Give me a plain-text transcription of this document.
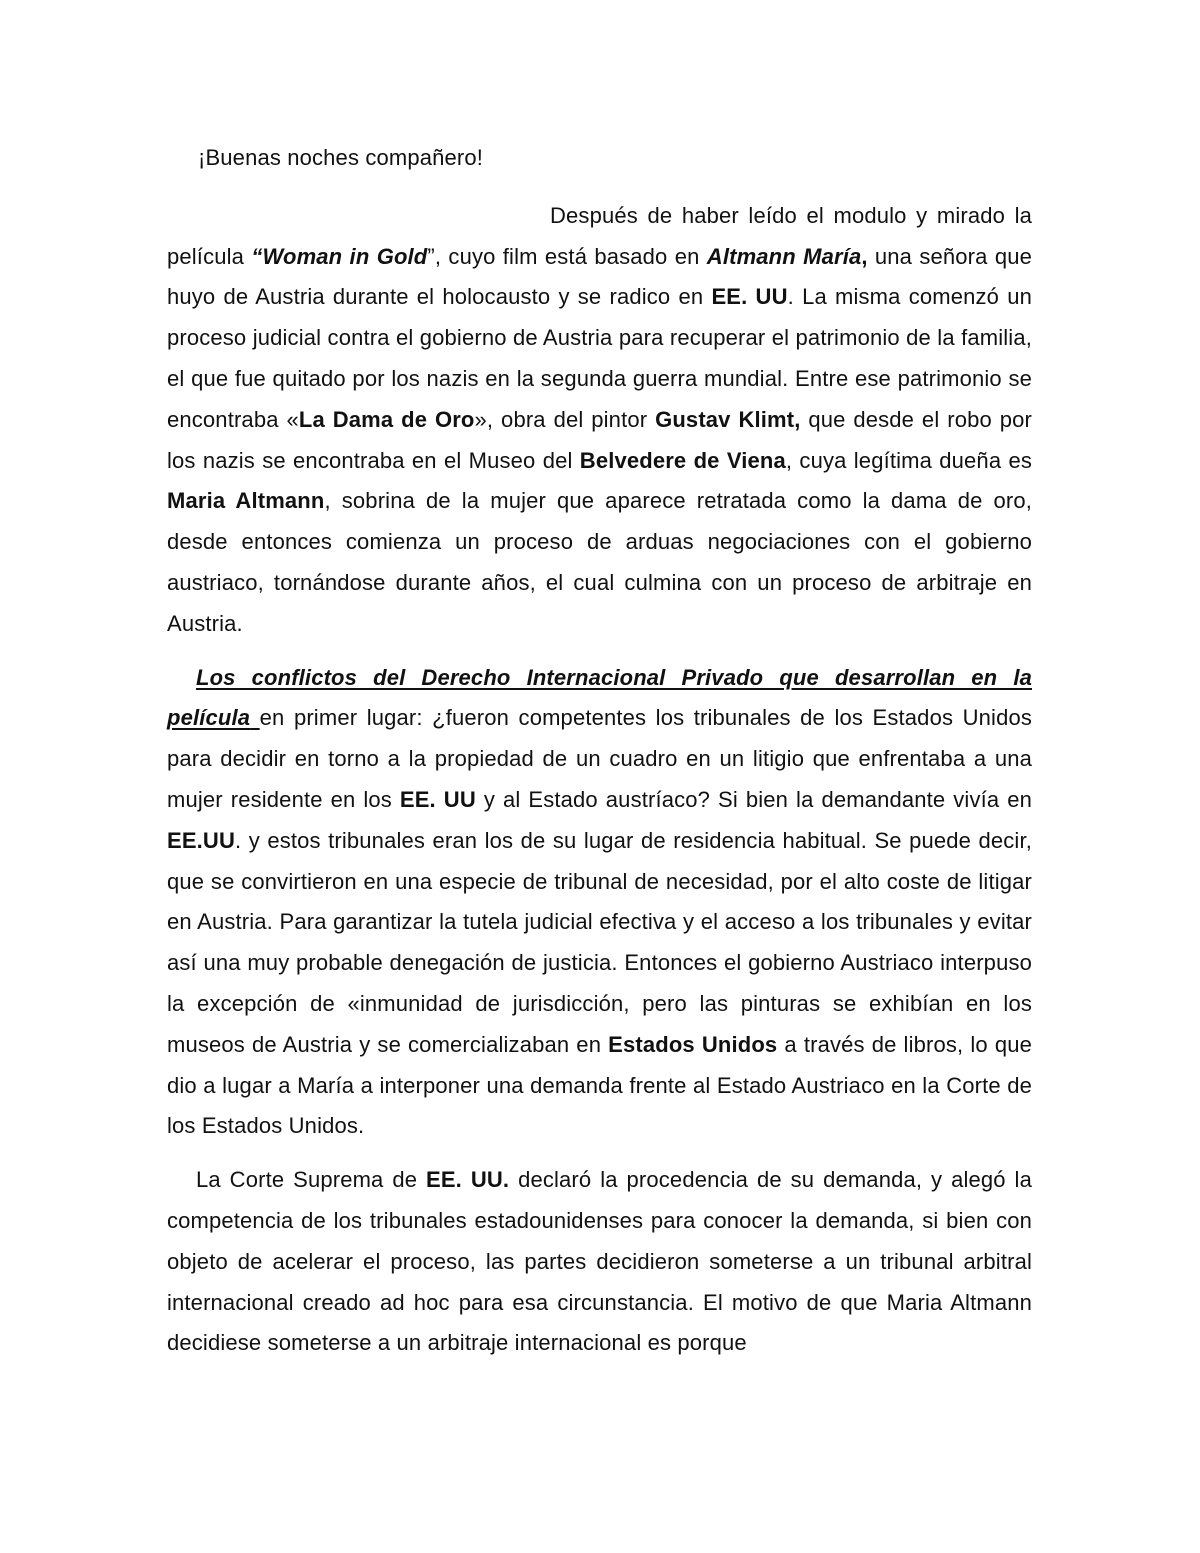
¡Buenas noches compañero!

Después de haber leído el modulo y mirado la película “Woman in Gold”, cuyo film está basado en Altmann María, una señora que huyo de Austria durante el holocausto y se radico en EE. UU. La misma comenzó un proceso judicial contra el gobierno de Austria para recuperar el patrimonio de la familia, el que fue quitado por los nazis en la segunda guerra mundial. Entre ese patrimonio se encontraba «La Dama de Oro», obra del pintor Gustav Klimt, que desde el robo por los nazis se encontraba en el Museo del Belvedere de Viena, cuya legítima dueña es Maria Altmann, sobrina de la mujer que aparece retratada como la dama de oro, desde entonces comienza un proceso de arduas negociaciones con el gobierno austriaco, tornándose durante años, el cual culmina con un proceso de arbitraje en Austria.

Los conflictos del Derecho Internacional Privado que desarrollan en la película en primer lugar: ¿fueron competentes los tribunales de los Estados Unidos para decidir en torno a la propiedad de un cuadro en un litigio que enfrentaba a una mujer residente en los EE. UU y al Estado austríaco? Si bien la demandante vivía en EE.UU. y estos tribunales eran los de su lugar de residencia habitual. Se puede decir, que se convirtieron en una especie de tribunal de necesidad, por el alto coste de litigar en Austria. Para garantizar la tutela judicial efectiva y el acceso a los tribunales y evitar así una muy probable denegación de justicia. Entonces el gobierno Austriaco interpuso la excepción de «inmunidad de jurisdicción, pero las pinturas se exhibían en los museos de Austria y se comercializaban en Estados Unidos a través de libros, lo que dio a lugar a María a interponer una demanda frente al Estado Austriaco en la Corte de los Estados Unidos.

La Corte Suprema de EE. UU. declaró la procedencia de su demanda, y alegó la competencia de los tribunales estadounidenses para conocer la demanda, si bien con objeto de acelerar el proceso, las partes decidieron someterse a un tribunal arbitral internacional creado ad hoc para esa circunstancia. El motivo de que Maria Altmann decidiese someterse a un arbitraje internacional es porque
